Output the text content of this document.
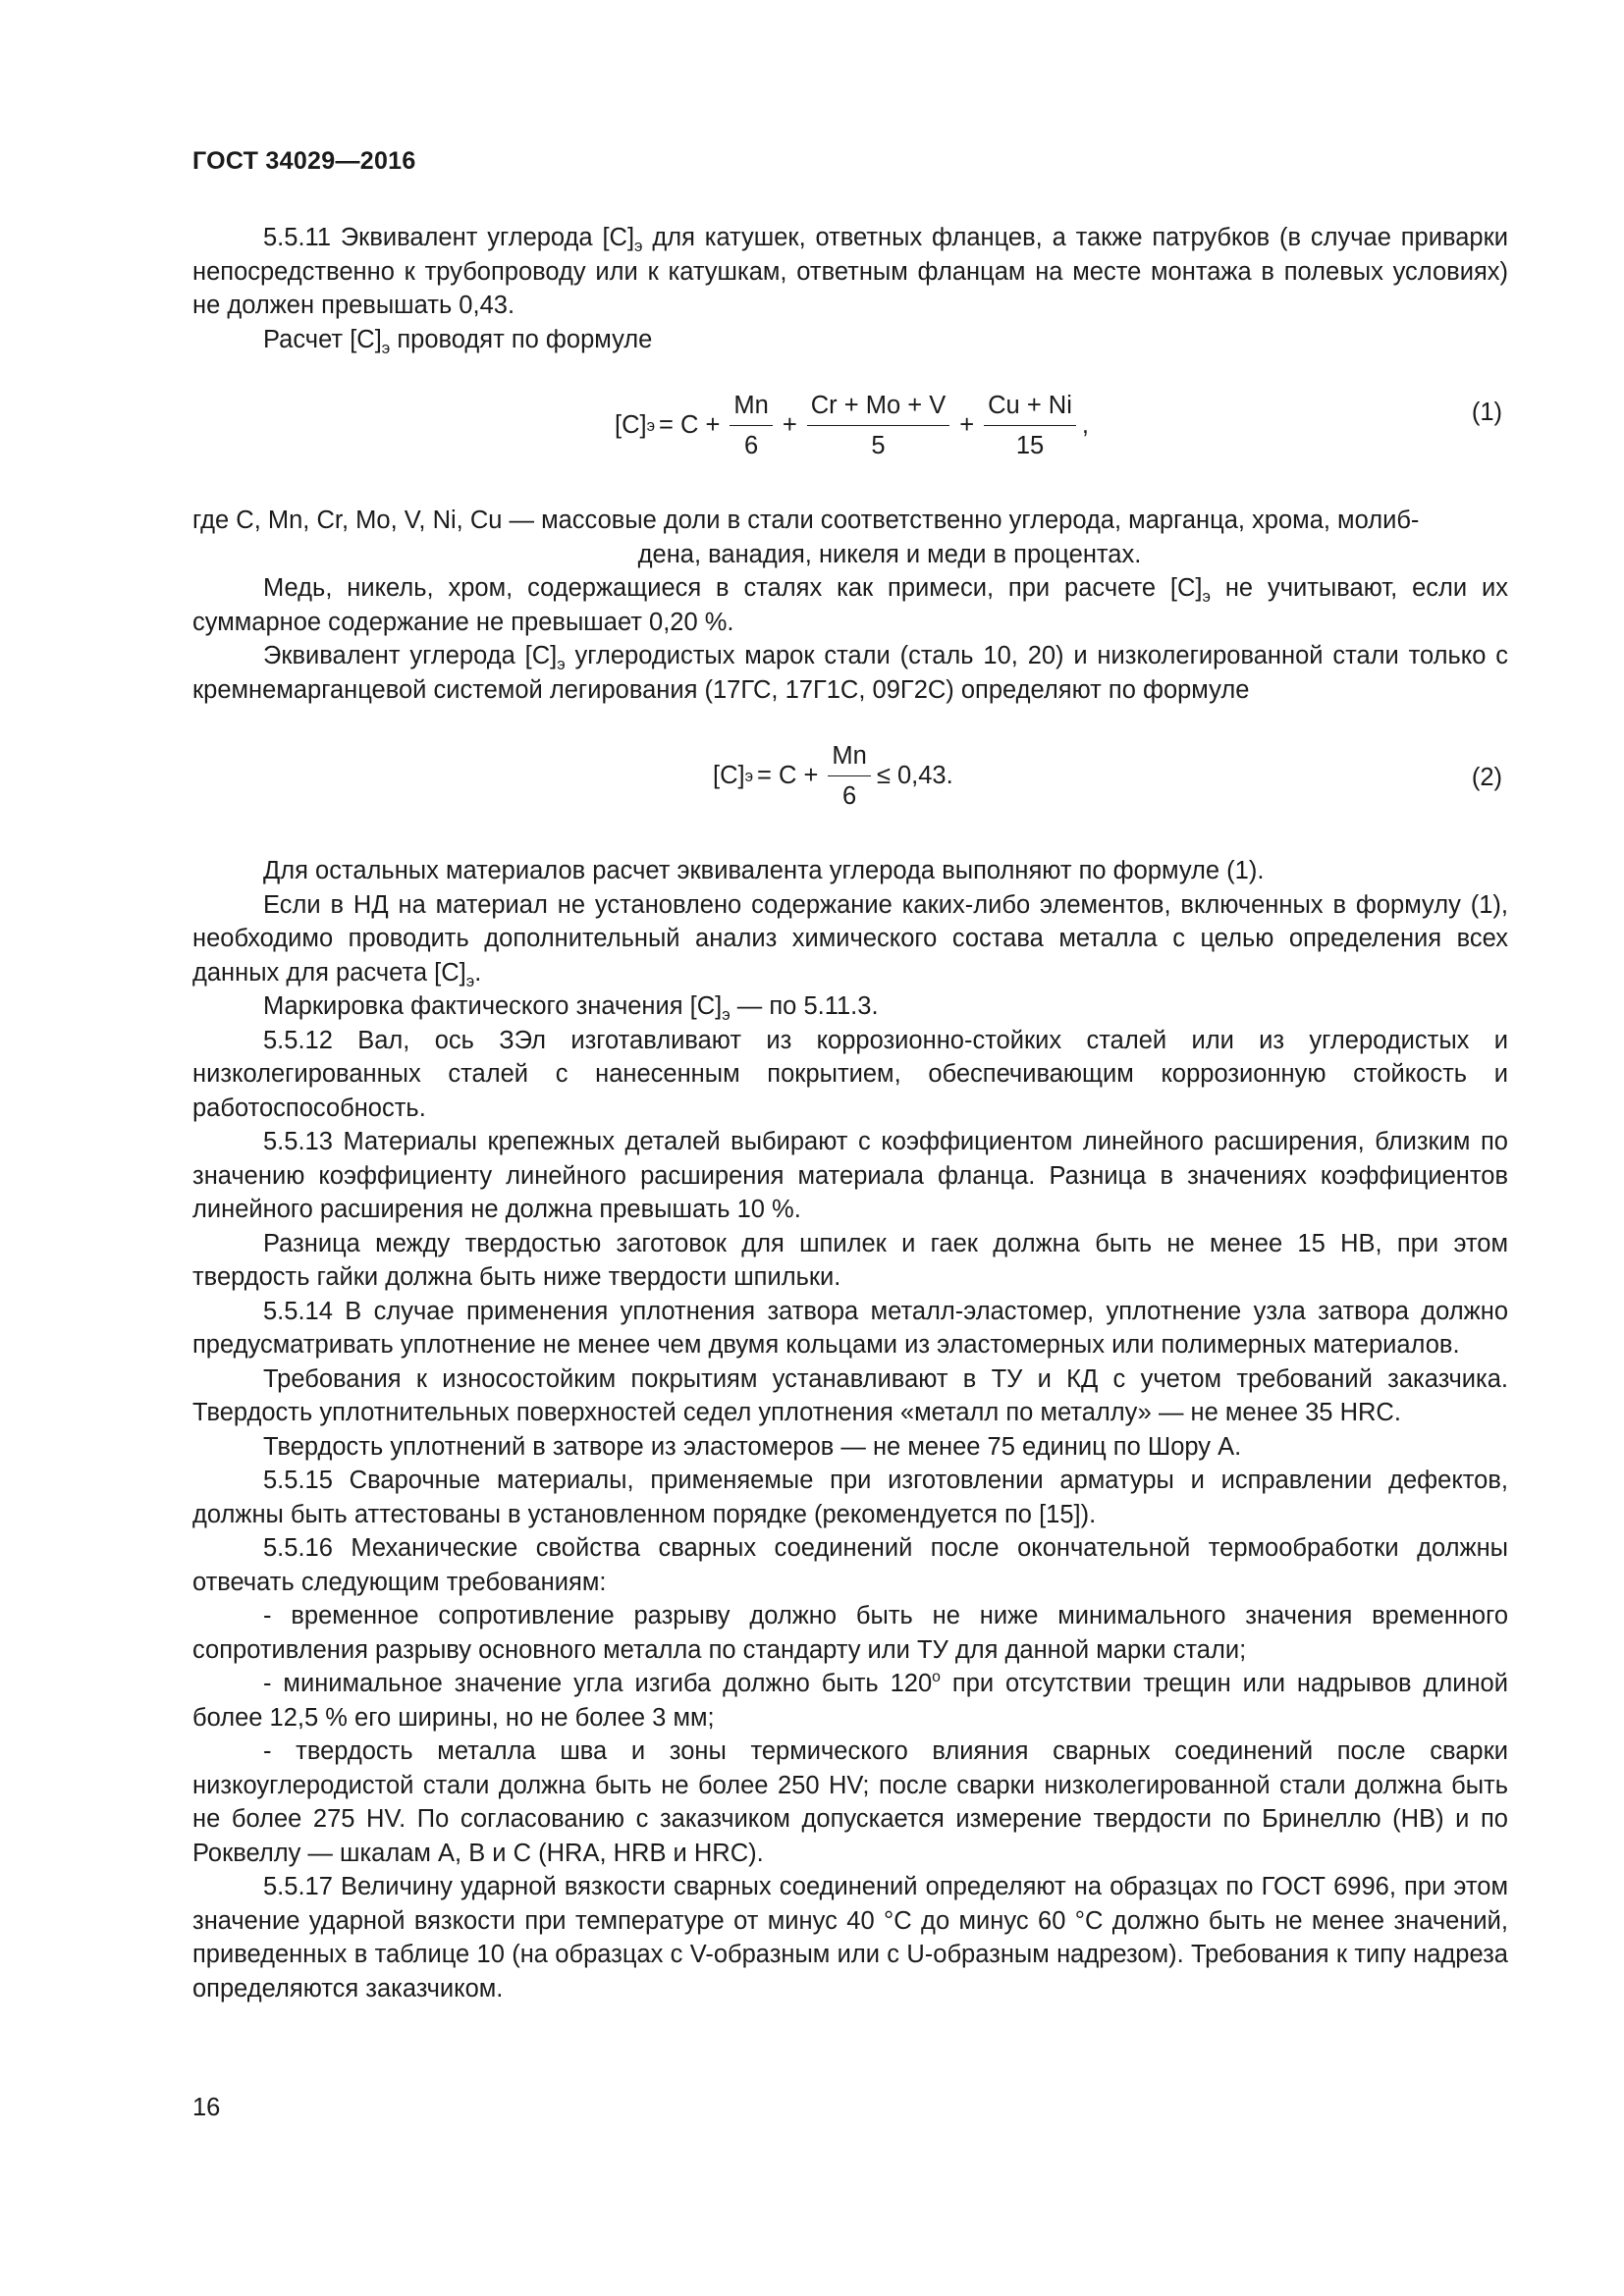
ГОСТ 34029—2016

5.5.11 Эквивалент углерода $[C]_э$ для катушек, ответных фланцев, а также патрубков (в случае приварки непосредственно к трубопроводу или к катушкам, ответным фланцам на месте монтажа в полевых условиях) не должен превышать 0,43.

Расчет $[C]_э$ проводят по формуле

[C] $э = C + \frac{Mn}{6} + \frac{Cr + Mo + V}{5} + \frac{Cu + Ni}{15}$ ,	(1)

где C, Mn, Cr, Mo, V, Ni, Cu — массовые доли в стали соответственно углерода, марганца, хрома, молиб-

дена, ванадия, никеля и меди в процентах.

Медь, никель, хром, содержащиеся в сталях как примеси, при расчете $[C]_э$ не учитывают, если их суммарное содержание не превышает 0,20 %.

Эквивалент углерода $[C]_э$ углеродистых марок стали (сталь 10, 20) и низколегированной стали только с кремнемарганцевой системой легирования (17ГС, 17Г1С, 09Г2С) определяют по формуле

[C] $э = C + \frac{Mn}{6} \le 0,43$.	(2)

Для остальных материалов расчет эквивалента углерода выполняют по формуле (1).

Если в НД на материал не установлено содержание каких-либо элементов, включенных в формулу (1), необходимо проводить дополнительный анализ химического состава металла с целью определения всех данных для расчета $[C]_э$.

Маркировка фактического значения $[C]_э$ — по 5.11.3.

5.5.12 Вал, ось ЗЭл изготавливают из коррозионно-стойких сталей или из углеродистых и низколегированных сталей с нанесенным покрытием, обеспечивающим коррозионную стойкость и работоспособность.

5.5.13 Материалы крепежных деталей выбирают с коэффициентом линейного расширения, близким по значению коэффициенту линейного расширения материала фланца. Разница в значениях коэффициентов линейного расширения не должна превышать 10 %.

Разница между твердостью заготовок для шпилек и гаек должна быть не менее 15 HB, при этом твердость гайки должна быть ниже твердости шпильки.

5.5.14 В случае применения уплотнения затвора металл-эластомер, уплотнение узла затвора должно предусматривать уплотнение не менее чем двумя кольцами из эластомерных или полимерных материалов.

Требования к износостойким покрытиям устанавливают в ТУ и КД с учетом требований заказчика. Твердость уплотнительных поверхностей седел уплотнения «металл по металлу» — не менее 35 HRC.

Твердость уплотнений в затворе из эластомеров — не менее 75 единиц по Шору А.

5.5.15 Сварочные материалы, применяемые при изготовлении арматуры и исправлении дефектов, должны быть аттестованы в установленном порядке (рекомендуется по [15]).

5.5.16 Механические свойства сварных соединений после окончательной термообработки должны отвечать следующим требованиям:

- временное сопротивление разрыву должно быть не ниже минимального значения временного сопротивления разрыву основного металла по стандарту или ТУ для данной марки стали;

- минимальное значение угла изгиба должно быть $120^о$ при отсутствии трещин или надрывов длиной более 12,5 % его ширины, но не более 3 мм;

- твердость металла шва и зоны термического влияния сварных соединений после сварки низкоуглеродистой стали должна быть не более 250 HV; после сварки низколегированной стали должна быть не более 275 HV. По согласованию с заказчиком допускается измерение твердости по Бринеллю (HB) и по Роквеллу — шкалам A, B и C (HRA, HRB и HRC).

5.5.17 Величину ударной вязкости сварных соединений определяют на образцах по ГОСТ 6996, при этом значение ударной вязкости при температуре от минус 40 °С до минус 60 °С должно быть не менее значений, приведенных в таблице 10 (на образцах с V-образным или с U-образным надрезом). Требования к типу надреза определяются заказчиком.

16
